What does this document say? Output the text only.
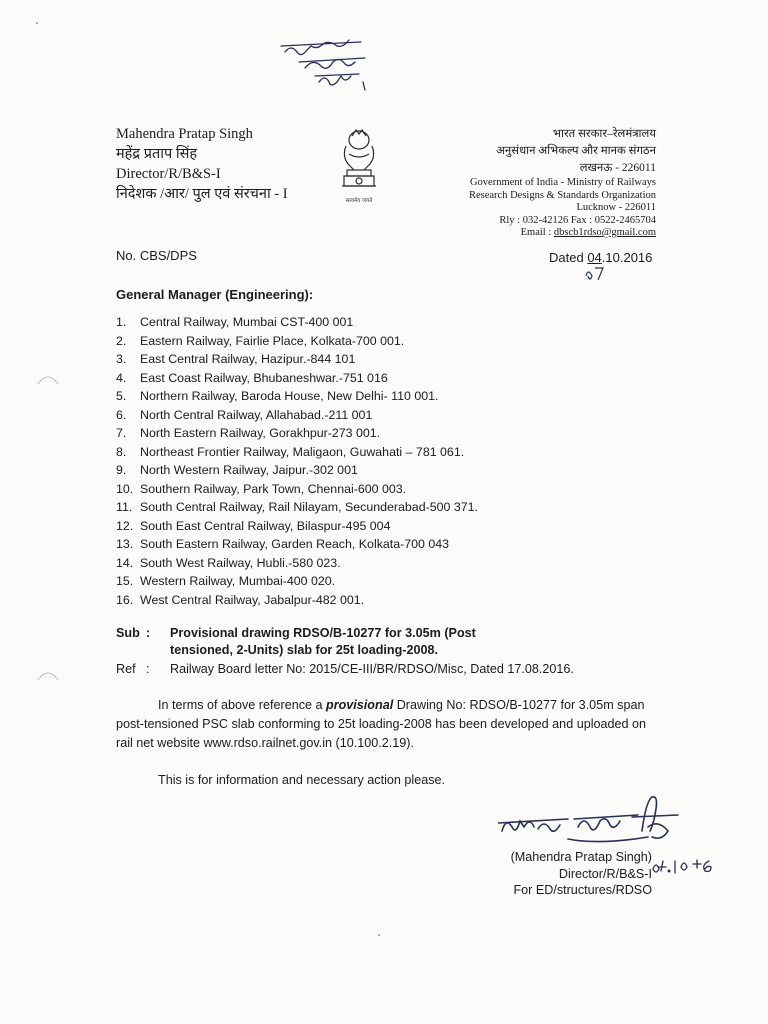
Mahendra Pratap Singh
महेंद्र प्रताप सिंह
Director/R/B&S-I
निदेशक /आर/ पुल एवं संरचना - I	सत्यमेव जयते
भारत सरकार–रेलमंत्रालय
अनुसंधान अभिकल्प और मानक संगठन
लखनऊ - 226011
Government of India - Ministry of Railways
Research Designs & Standards Organization
Lucknow - 226011
Rly : 032-42126 Fax : 0522-2465704
Email : dbscb1rdso@gmail.com
No. CBS/DPS	Dated 04.10.2016
General Manager (Engineering):
1. Central Railway, Mumbai CST-400 001
2. Eastern Railway, Fairlie Place, Kolkata-700 001.
3. East Central Railway, Hazipur.-844 101
4. East Coast Railway, Bhubaneshwar.-751 016
5. Northern Railway, Baroda House, New Delhi- 110 001.
6. North Central Railway, Allahabad.-211 001
7. North Eastern Railway, Gorakhpur-273 001.
8. Northeast Frontier Railway, Maligaon, Guwahati – 781 061.
9. North Western Railway, Jaipur.-302 001
10. Southern Railway, Park Town, Chennai-600 003.
11. South Central Railway, Rail Nilayam, Secunderabad-500 371.
12. South East Central Railway, Bilaspur-495 004
13. South Eastern Railway, Garden Reach, Kolkata-700 043
14. South West Railway, Hubli.-580 023.
15. Western Railway, Mumbai-400 020.
16. West Central Railway, Jabalpur-482 001.
Sub : Provisional drawing RDSO/B-10277 for 3.05m (Post tensioned, 2-Units) slab for 25t loading-2008.
Ref : Railway Board letter No: 2015/CE-III/BR/RDSO/Misc, Dated 17.08.2016.
In terms of above reference a provisional Drawing No: RDSO/B-10277 for 3.05m span post-tensioned PSC slab conforming to 25t loading-2008 has been developed and uploaded on rail net website www.rdso.railnet.gov.in (10.100.2.19).
This is for information and necessary action please.
(Mahendra Pratap Singh)
Director/R/B&S-I
For ED/structures/RDSO
